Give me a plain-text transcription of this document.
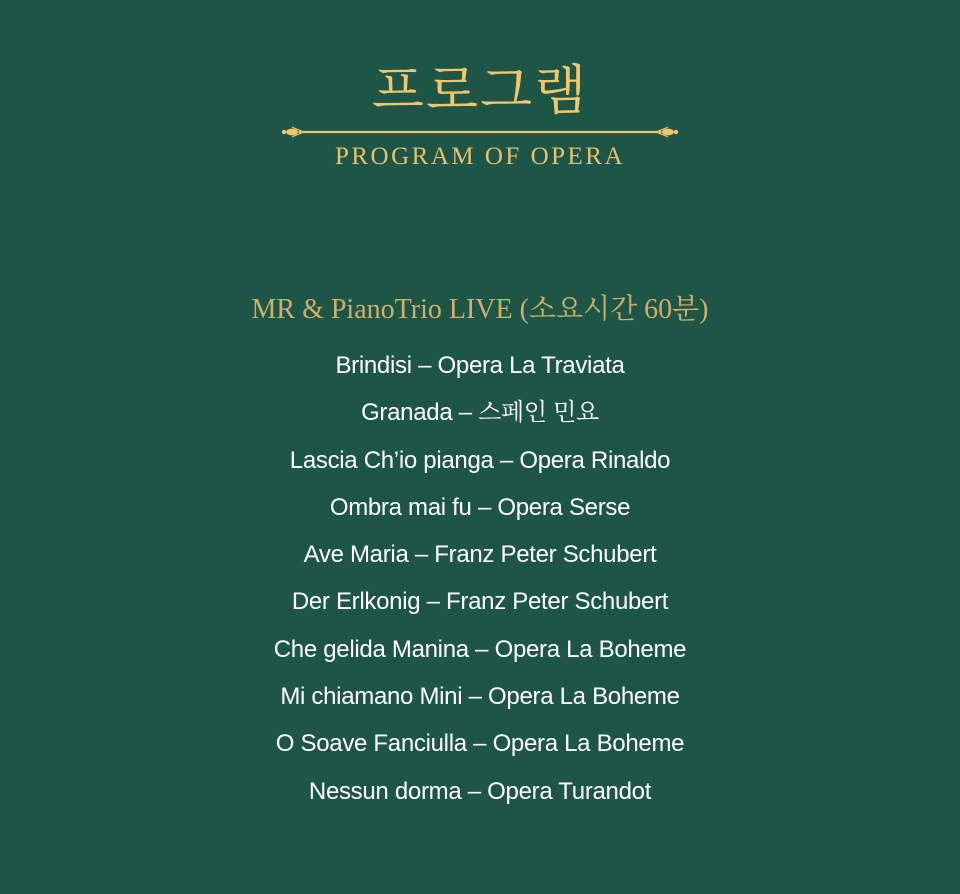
프로그램
PROGRAM OF OPERA
MR & PianoTrio LIVE (소요시간 60분)
Brindisi – Opera La Traviata
Granada – 스페인 민요
Lascia Ch’io pianga – Opera Rinaldo
Ombra mai fu – Opera Serse
Ave Maria – Franz Peter Schubert
Der Erlkonig – Franz Peter Schubert
Che gelida Manina – Opera La Boheme
Mi chiamano Mini – Opera La Boheme
O Soave Fanciulla – Opera La Boheme
Nessun dorma – Opera Turandot
